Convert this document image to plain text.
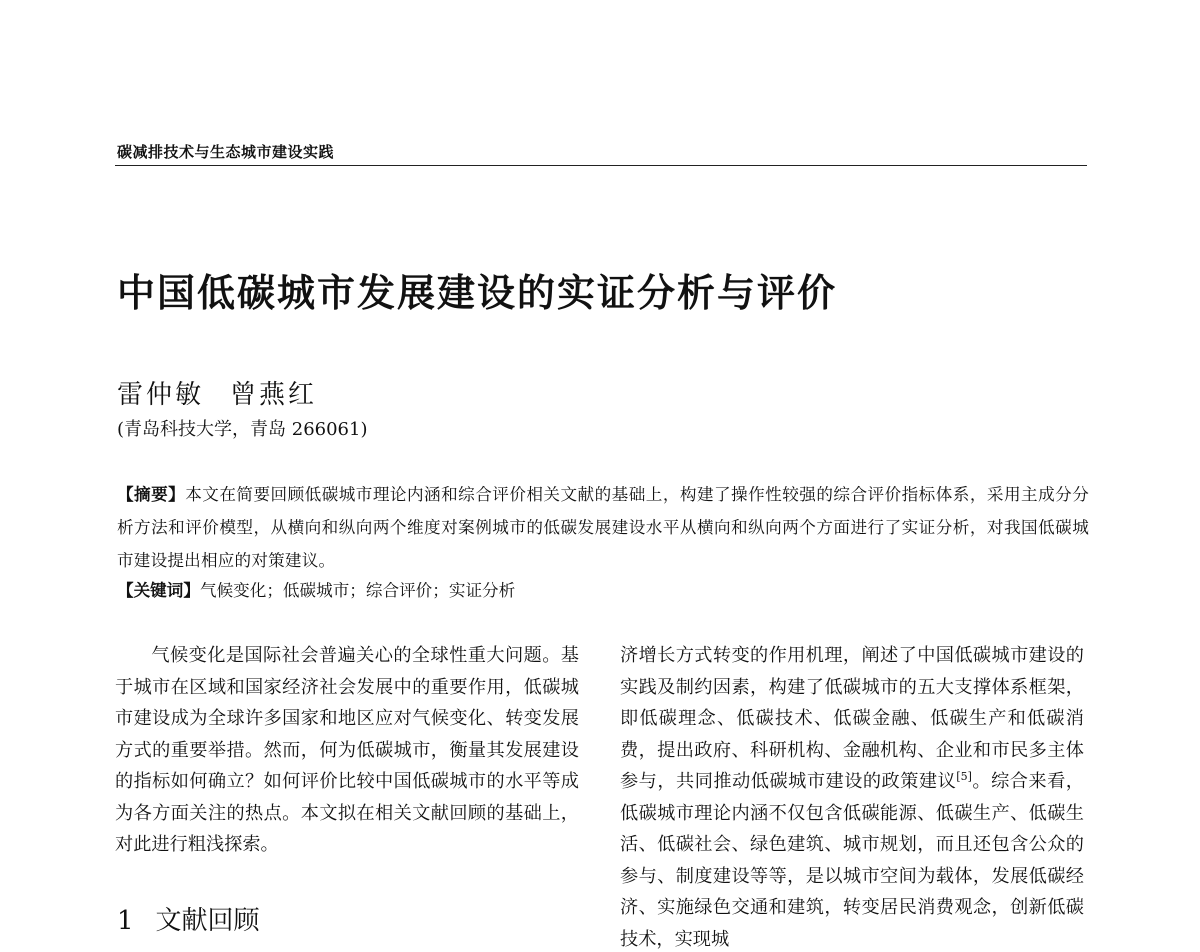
碳减排技术与生态城市建设实践
中国低碳城市发展建设的实证分析与评价
雷仲敏 曾燕红
(青岛科技大学，青岛 266061)
【摘要】本文在简要回顾低碳城市理论内涵和综合评价相关文献的基础上，构建了操作性较强的综合评价指标体系，采用主成分分析方法和评价模型，从横向和纵向两个维度对案例城市的低碳发展建设水平从横向和纵向两个方面进行了实证分析，对我国低碳城市建设提出相应的对策建议。
【关键词】气候变化；低碳城市；综合评价；实证分析

气候变化是国际社会普遍关心的全球性重大问题。基于城市在区域和国家经济社会发展中的重要作用，低碳城市建设成为全球许多国家和地区应对气候变化、转变发展方式的重要举措。然而，何为低碳城市，衡量其发展建设的指标如何确立？如何评价比较中国低碳城市的水平等成为各方面关注的热点。本文拟在相关文献回顾的基础上，对此进行粗浅探索。

1 文献回顾

济增长方式转变的作用机理，阐述了中国低碳城市建设的实践及制约因素，构建了低碳城市的五大支撑体系框架，即低碳理念、低碳技术、低碳金融、低碳生产和低碳消费，提出政府、科研机构、金融机构、企业和市民多主体参与，共同推动低碳城市建设的政策建议[5]。综合来看，低碳城市理论内涵不仅包含低碳能源、低碳生产、低碳生活、低碳社会、绿色建筑、城市规划，而且还包含公众的参与、制度建设等等，是以城市空间为载体，发展低碳经济、实施绿色交通和建筑，转变居民消费观念，创新低碳技术，实现城
